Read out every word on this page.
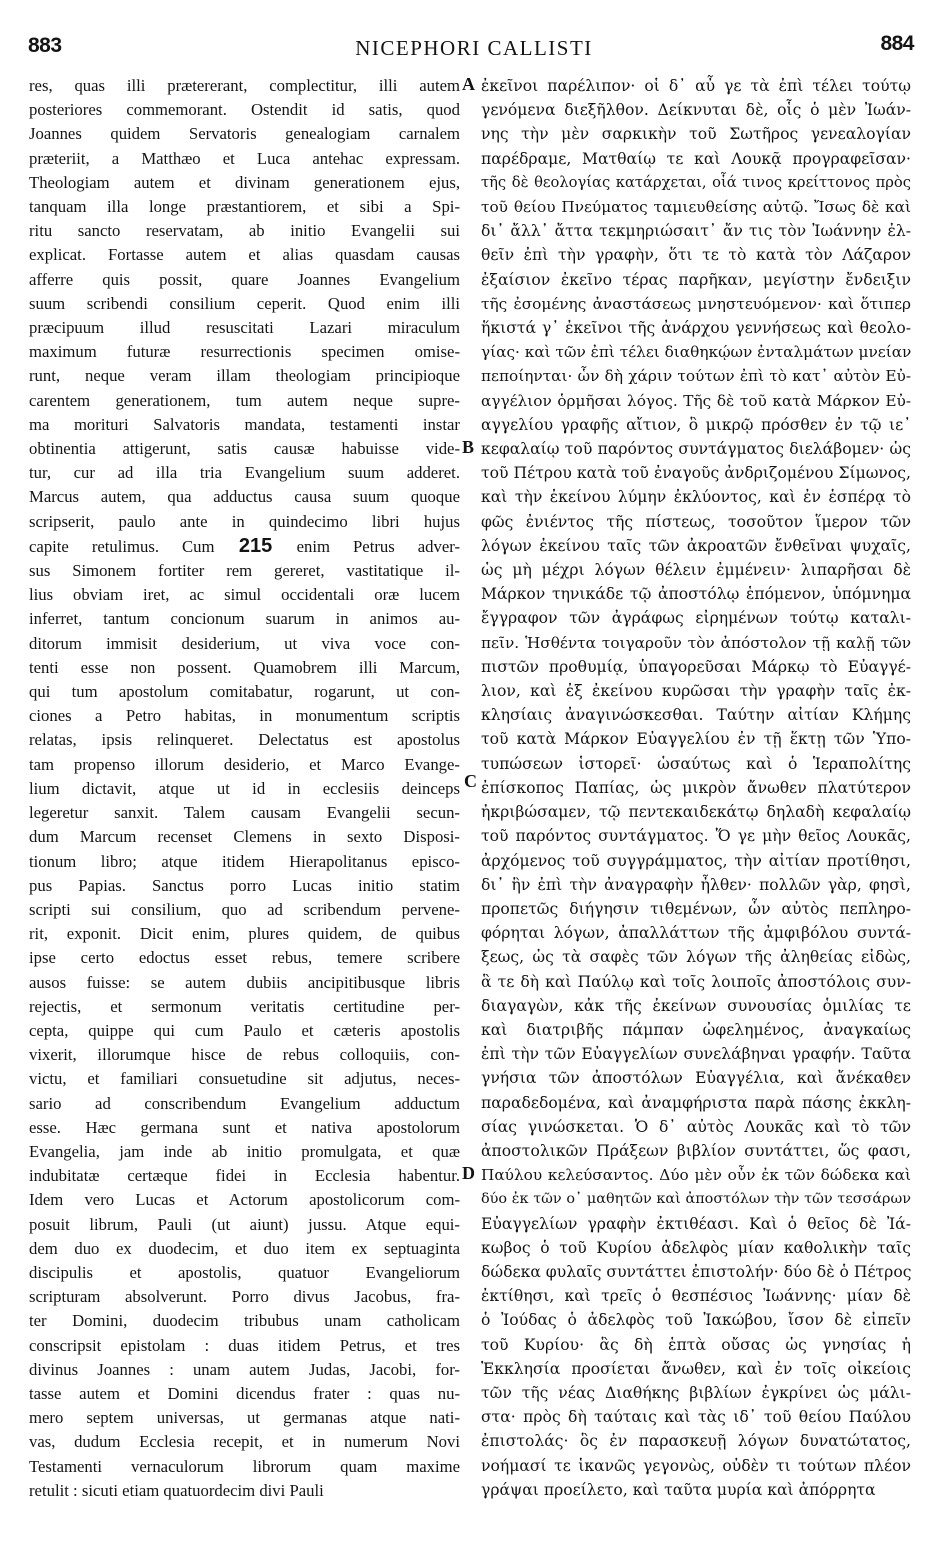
883	NICEPHORI CALLISTI	884
res, quas illi prætererant, complectitur, illi autem
posteriores commemorant. Ostendit id satis, quod
Joannes quidem Servatoris genealogiam carnalem
præteriit, a Matthæo et Luca antehac expressam.
Theologiam autem et divinam generationem ejus,
tanquam illa longe præstantiorem, et sibi a Spi-
ritu sancto reservatam, ab initio Evangelii sui
explicat. Fortasse autem et alias quasdam causas
afferre quis possit, quare Joannes Evangelium
suum scribendi consilium ceperit. Quod enim illi
præcipuum illud resuscitati Lazari miraculum
maximum futuræ resurrectionis specimen omise-
runt, neque veram illam theologiam principioque
carentem generationem, tum autem neque supre-
ma morituri Salvatoris mandata, testamenti instar
obtinentia attigerunt, satis causæ habuisse vide-
tur, cur ad illa tria Evangelium suum adderet.
Marcus autem, qua adductus causa suum quoque
scripserit, paulo ante in quindecimo libri hujus
capite retulimus. Cum 215 enim Petrus adver-
sus Simonem fortiter rem gereret, vastitatique il-
lius obviam iret, ac simul occidentali oræ lucem
inferret, tantum concionum suarum in animos au-
ditorum immisit desiderium, ut viva voce con-
tenti esse non possent. Quamobrem illi Marcum,
qui tum apostolum comitabatur, rogarunt, ut con-
ciones a Petro habitas, in monumentum scriptis
relatas, ipsis relinqueret. Delectatus est apostolus
tam propenso illorum desiderio, et Marco Evange-
lium dictavit, atque ut id in ecclesiis deinceps
legeretur sanxit. Talem causam Evangelii secun-
dum Marcum recenset Clemens in sexto Disposi-
tionum libro; atque itidem Hierapolitanus episco-
pus Papias. Sanctus porro Lucas initio statim
scripti sui consilium, quo ad scribendum pervene-
rit, exponit. Dicit enim, plures quidem, de quibus
ipse certo edoctus esset rebus, temere scribere
ausos fuisse: se autem dubiis ancipitibusque libris
rejectis, et sermonum veritatis certitudine per-
cepta, quippe qui cum Paulo et cæteris apostolis
vixerit, illorumque hisce de rebus colloquiis, con-
victu, et familiari consuetudine sit adjutus, neces-
sario ad conscribendum Evangelium adductum
esse. Hæc germana sunt et nativa apostolorum
Evangelia, jam inde ab initio promulgata, et quæ
indubitatæ certæque fidei in Ecclesia habentur.
Idem vero Lucas et Actorum apostolicorum com-
posuit librum, Pauli (ut aiunt) jussu. Atque equi-
dem duo ex duodecim, et duo item ex septuaginta
discipulis et apostolis, quatuor Evangeliorum
scripturam absolverunt. Porro divus Jacobus, fra-
ter Domini, duodecim tribubus unam catholicam
conscripsit epistolam : duas itidem Petrus, et tres
divinus Joannes : unam autem Judas, Jacobi, for-
tasse autem et Domini dicendus frater : quas nu-
mero septem universas, ut germanas atque nati-
vas, dudum Ecclesia recepit, et in numerum Novi
Testamenti vernaculorum librorum quam maxime
retulit : sicuti etiam quatuordecim divi Pauli
ἐκεῖνοι παρέλιπον· οἱ δ᾽ αὖ γε τὰ ἐπὶ τέλει τούτῳ
γενόμενα διεξῆλθον. Δείκνυται δὲ, οἷς ὁ μὲν Ἰωάν-
νης τὴν μὲν σαρκικὴν τοῦ Σωτῆρος γενεαλογίαν
παρέδραμε, Ματθαίῳ τε καὶ Λουκᾷ προγραφεῖσαν·
τῆς δὲ θεολογίας κατάρχεται, οἷά τινος κρείττονος πρὸς
τοῦ θείου Πνεύματος ταμιευθείσης αὐτῷ. Ἴσως δὲ καὶ
δι᾽ ἄλλ᾽ ἄττα τεκμηριώσαιτ᾽ ἄν τις τὸν Ἰωάννην ἐλ-
θεῖν ἐπὶ τὴν γραφὴν, ὅτι τε τὸ κατὰ τὸν Λάζαρον
ἐξαίσιον ἐκεῖνο τέρας παρῆκαν, μεγίστην ἔνδειξιν
τῆς ἐσομένης ἀναστάσεως μνηστευόμενον· καὶ ὅτιπερ
ἥκιστά γ᾽ ἐκεῖνοι τῆς ἀνάρχου γεννήσεως καὶ θεολο-
γίας· καὶ τῶν ἐπὶ τέλει διαθηκῴων ἐνταλμάτων μνείαν
πεποίηνται· ὧν δὴ χάριν τούτων ἐπὶ τὸ κατ᾽ αὐτὸν Εὐ-
αγγέλιον ὁρμῆσαι λόγος. Τῆς δὲ τοῦ κατὰ Μάρκον Εὐ-
αγγελίου γραφῆς αἴτιον, ὃ μικρῷ πρόσθεν ἐν τῷ ιε᾽
κεφαλαίῳ τοῦ παρόντος συντάγματος διελάβομεν· ὡς
τοῦ Πέτρου κατὰ τοῦ ἐναγοῦς ἀνδριζομένου Σίμωνος,
καὶ τὴν ἐκείνου λύμην ἐκλύοντος, καὶ ἐν ἑσπέρᾳ τὸ
φῶς ἐνιέντος τῆς πίστεως, τοσοῦτον ἵμερον τῶν
λόγων ἐκείνου ταῖς τῶν ἀκροατῶν ἔνθεῖναι ψυχαῖς,
ὡς μὴ μέχρι λόγων θέλειν ἐμμένειν· λιπαρῆσαι δὲ
Μάρκον τηνικάδε τῷ ἀποστόλῳ ἑπόμενον, ὑπόμνημα
ἔγγραφον τῶν ἀγράφως εἰρημένων τούτῳ καταλι-
πεῖν. Ἡσθέντα τοιγαροῦν τὸν ἀπόστολον τῇ καλῇ τῶν
πιστῶν προθυμίᾳ, ὑπαγορεῦσαι Μάρκῳ τὸ Εὐαγγέ-
λιον, καὶ ἐξ ἐκείνου κυρῶσαι τὴν γραφὴν ταῖς ἐκ-
κλησίαις ἀναγινώσκεσθαι. Ταύτην αἰτίαν Κλήμης
τοῦ κατὰ Μάρκον Εὐαγγελίου ἐν τῇ ἕκτῃ τῶν Ὑπο-
τυπώσεων ἱστορεῖ· ὡσαύτως καὶ ὁ Ἱεραπολίτης
ἐπίσκοπος Παπίας, ὡς μικρὸν ἄνωθεν πλατύτερον
ἠκριβώσαμεν, τῷ πεντεκαιδεκάτῳ δηλαδὴ κεφαλαίῳ
τοῦ παρόντος συντάγματος. Ὅ γε μὴν θεῖος Λουκᾶς,
ἀρχόμενος τοῦ συγγράμματος, τὴν αἰτίαν προτίθησι,
δι᾽ ἣν ἐπὶ τὴν ἀναγραφὴν ἦλθεν· πολλῶν γὰρ, φησὶ,
προπετῶς διήγησιν τιθεμένων, ὧν αὐτὸς πεπληρο-
φόρηται λόγων, ἀπαλλάττων τῆς ἀμφιβόλου συντά-
ξεως, ὡς τὰ σαφὲς τῶν λόγων τῆς ἀληθείας εἰδὼς,
ἃ τε δὴ καὶ Παύλῳ καὶ τοῖς λοιποῖς ἀποστόλοις συν-
διαγαγὼν, κἀκ τῆς ἐκείνων συνουσίας ὁμιλίας τε
καὶ διατριβῆς πάμπαν ὠφελημένος, ἀναγκαίως
ἐπὶ τὴν τῶν Εὐαγγελίων συνελάβηναι γραφήν. Ταῦτα
γνήσια τῶν ἀποστόλων Εὐαγγέλια, καὶ ἄνέκαθεν
παραδεδομένα, καὶ ἀναμφήριστα παρὰ πάσης ἐκκλη-
σίας γινώσκεται. Ὁ δ᾽ αὐτὸς Λουκᾶς καὶ τὸ τῶν
ἀποστολικῶν Πράξεων βιβλίον συντάττει, ὥς φασι,
Παύλου κελεύσαντος. Δύο μὲν οὖν ἐκ τῶν δώδεκα καὶ
δύο ἐκ τῶν ο᾽ μαθητῶν καὶ ἀποστόλων τὴν τῶν τεσσάρων
Εὐαγγελίων γραφὴν ἐκτιθέασι. Καὶ ὁ θεῖος δὲ Ἰά-
κωβος ὁ τοῦ Κυρίου ἀδελφὸς μίαν καθολικὴν ταῖς
δώδεκα φυλαῖς συντάττει ἐπιστολήν· δύο δὲ ὁ Πέτρος
ἐκτίθησι, καὶ τρεῖς ὁ θεσπέσιος Ἰωάννης· μίαν δὲ
ὁ Ἰούδας ὁ ἀδελφὸς τοῦ Ἰακώβου, ἴσον δὲ εἰπεῖν
τοῦ Κυρίου· ἃς δὴ ἑπτὰ οὔσας ὡς γνησίας ἡ
Ἐκκλησία προσίεται ἄνωθεν, καὶ ἐν τοῖς οἰκείοις
τῶν τῆς νέας Διαθήκης βιβλίων ἐγκρίνει ὡς μάλι-
στα· πρὸς δὴ ταύταις καὶ τὰς ιδ᾽ τοῦ θείου Παύλου
ἐπιστολάς· ὃς ἐν παρασκευῇ λόγων δυνατώτατος,
νοήμασί τε ἱκανῶς γεγονὼς, οὐδὲν τι τούτων πλέον
γράψαι προείλετο, καὶ ταῦτα μυρία καὶ ἀπόρρητα
A
B
C
D
